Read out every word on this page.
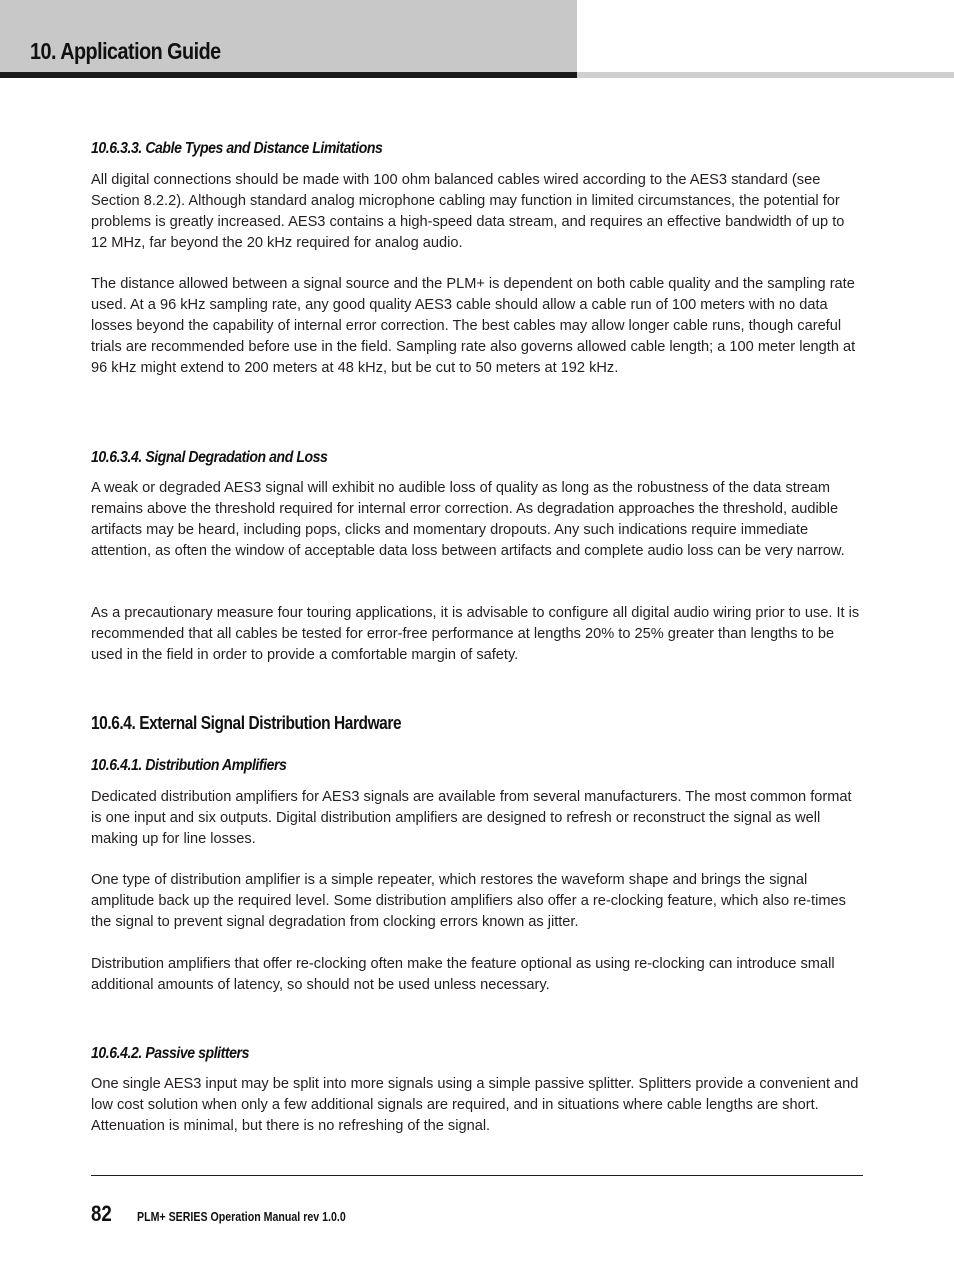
10. Application Guide
10.6.3.3. Cable Types and Distance Limitations

All digital connections should be made with 100 ohm balanced cables wired according to the AES3 standard (see Section 8.2.2). Although standard analog microphone cabling may function in limited circumstances, the potential for problems is greatly increased. AES3 contains a high-speed data stream, and requires an effective bandwidth of up to 12 MHz, far beyond the 20 kHz required for analog audio.

The distance allowed between a signal source and the PLM+ is dependent on both cable quality and the sampling rate used. At a 96 kHz sampling rate, any good quality AES3 cable should allow a cable run of 100 meters with no data losses beyond the capability of internal error correction. The best cables may allow longer cable runs, though careful trials are recommended before use in the field. Sampling rate also governs allowed cable length; a 100 meter length at 96 kHz might extend to 200 meters at 48 kHz, but be cut to 50 meters at 192 kHz.

10.6.3.4. Signal Degradation and Loss

A weak or degraded AES3 signal will exhibit no audible loss of quality as long as the robustness of the data stream remains above the threshold required for internal error correction. As degradation approaches the threshold, audible artifacts may be heard, including pops, clicks and momentary dropouts. Any such indications require immediate attention, as often the window of acceptable data loss between artifacts and complete audio loss can be very narrow.

As a precautionary measure four touring applications, it is advisable to configure all digital audio wiring prior to use. It is recommended that all cables be tested for error-free performance at lengths 20% to 25% greater than lengths to be used in the field in order to provide a comfortable margin of safety.

10.6.4. External Signal Distribution Hardware
10.6.4.1. Distribution Amplifiers

Dedicated distribution amplifiers for AES3 signals are available from several manufacturers. The most common format is one input and six outputs. Digital distribution amplifiers are designed to refresh or reconstruct the signal as well making up for line losses.

One type of distribution amplifier is a simple repeater, which restores the waveform shape and brings the signal amplitude back up the required level. Some distribution amplifiers also offer a re-clocking feature, which also re-times the signal to prevent signal degradation from clocking errors known as jitter.

Distribution amplifiers that offer re-clocking often make the feature optional as using re-clocking can introduce small additional amounts of latency, so should not be used unless necessary.

10.6.4.2. Passive splitters

One single AES3 input may be split into more signals using a simple passive splitter. Splitters provide a convenient and low cost solution when only a few additional signals are required, and in situations where cable lengths are short. Attenuation is minimal, but there is no refreshing of the signal.

82 PLM+ SERIES Operation Manual rev 1.0.0
